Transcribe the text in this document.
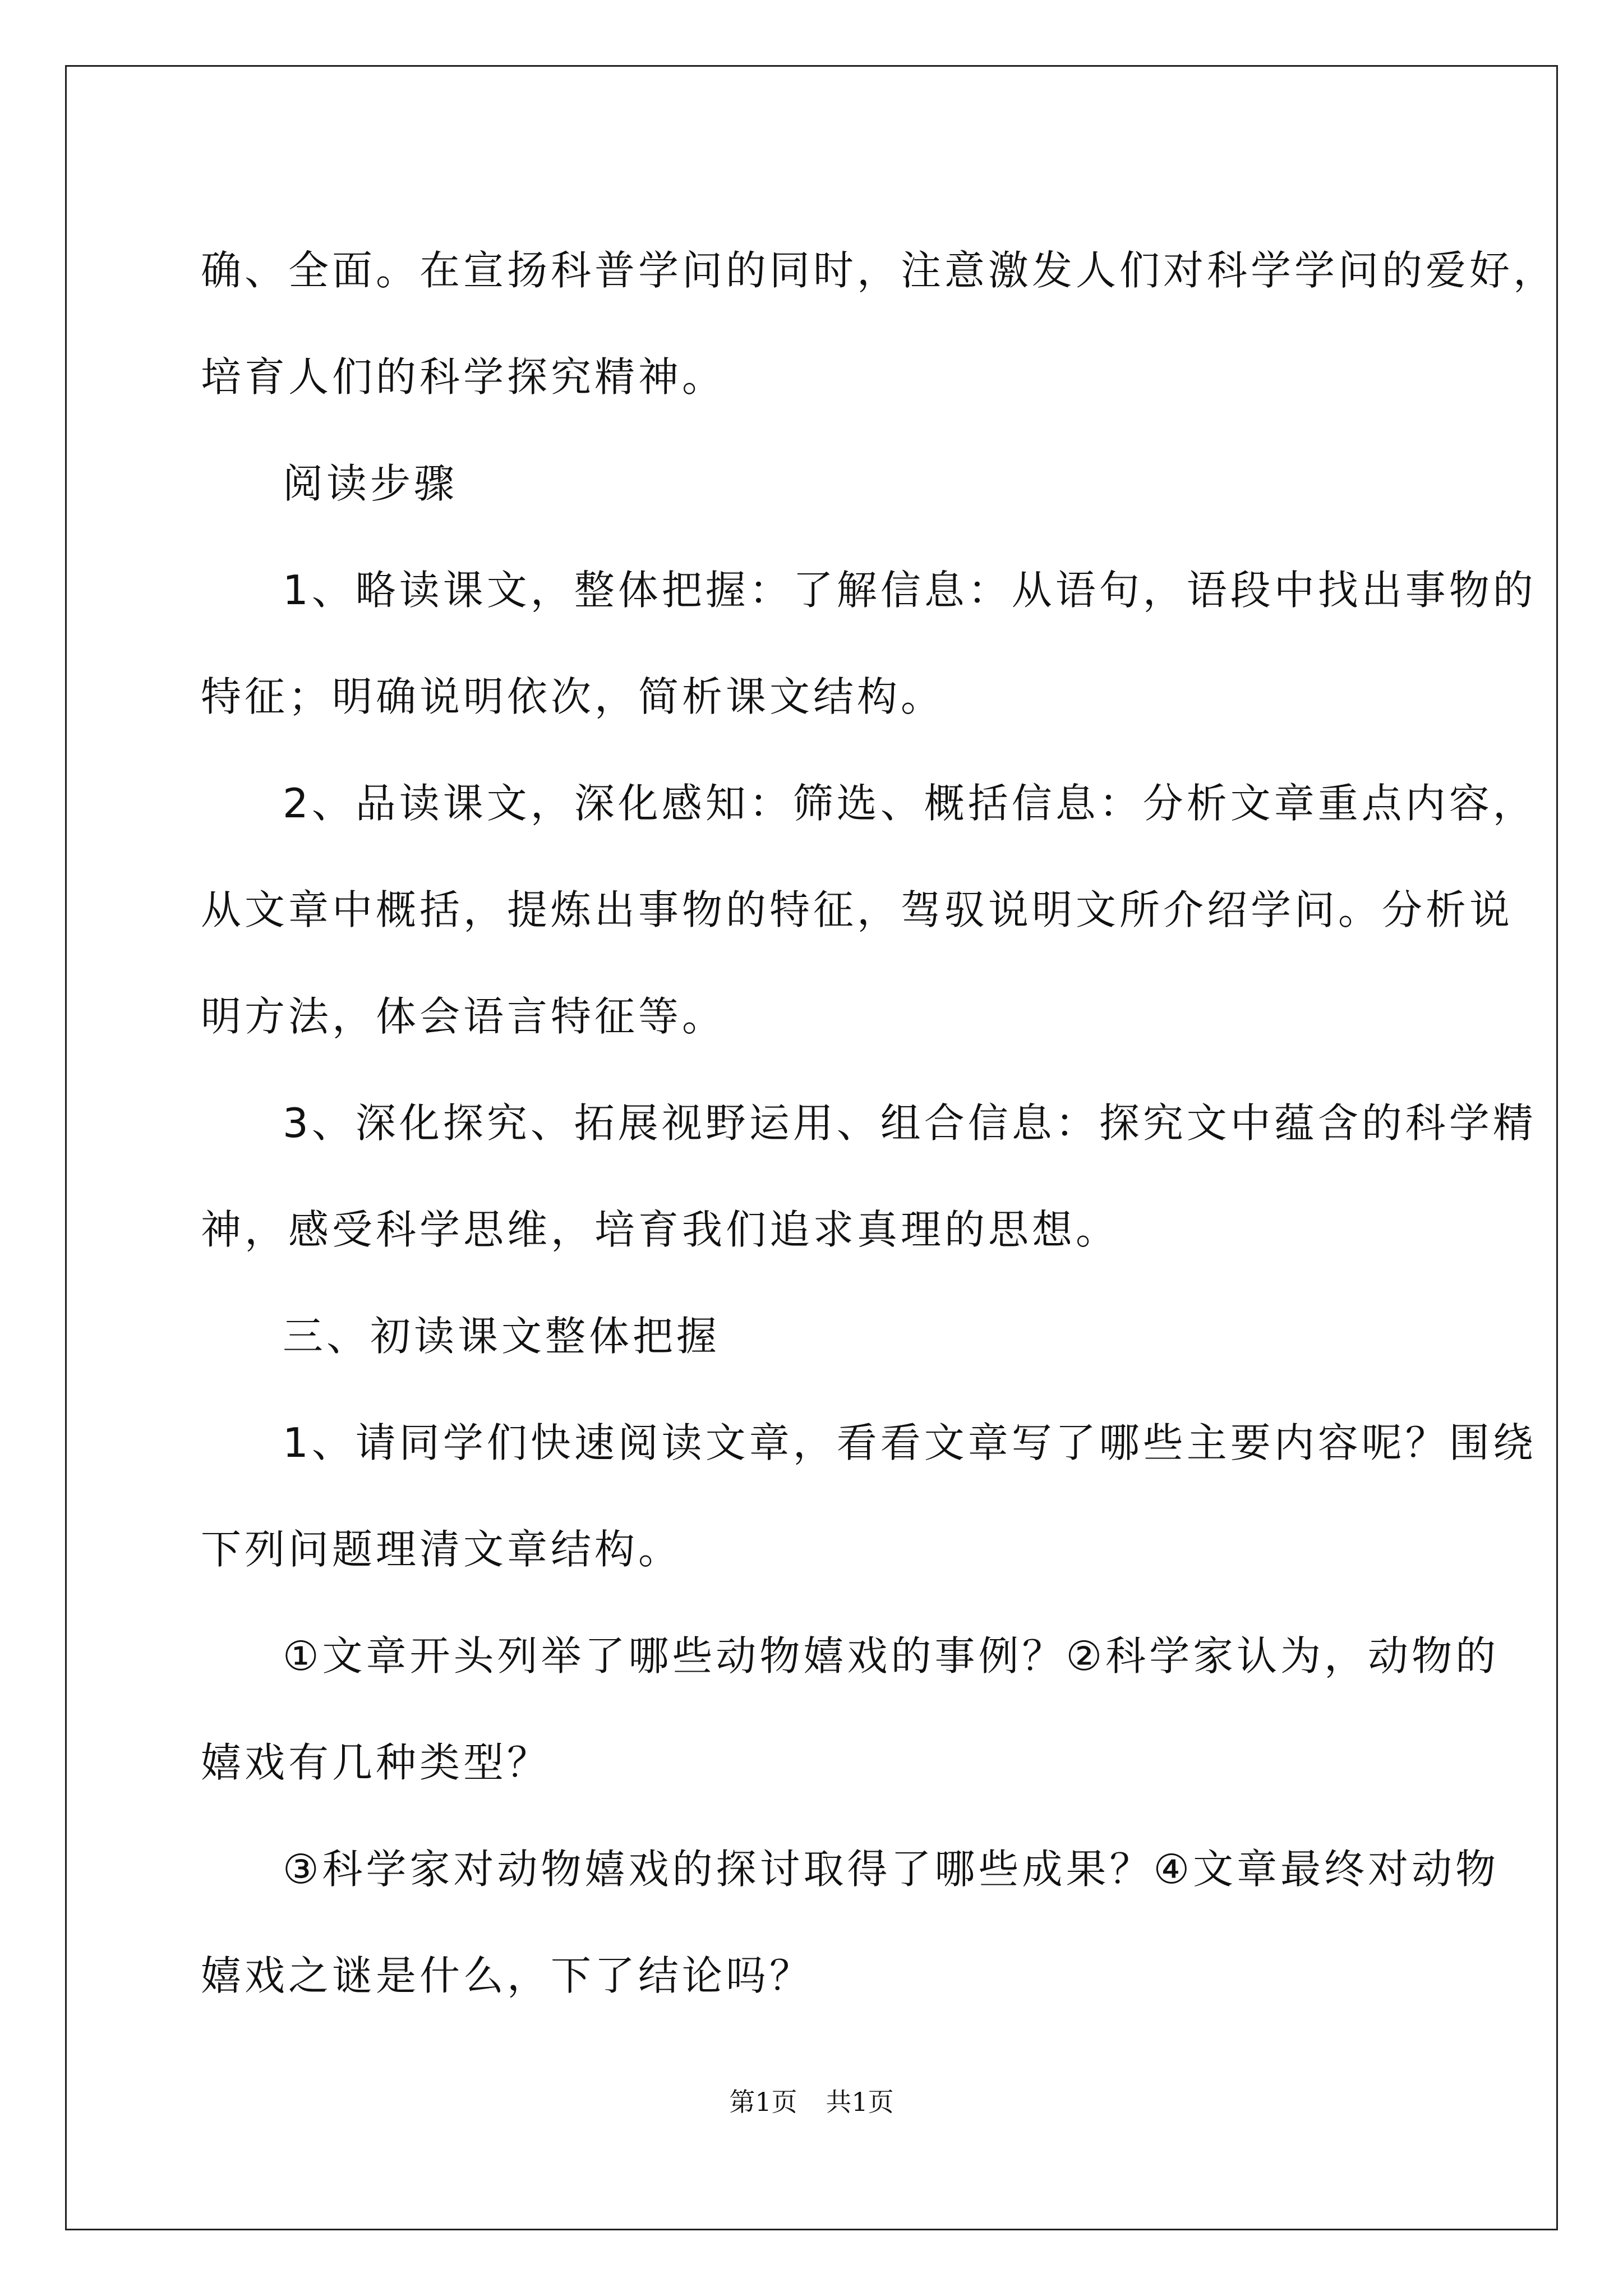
确、全面。在宣扬科普学问的同时，注意激发人们对科学学问的爱好，
培育人们的科学探究精神。
阅读步骤
1、略读课文，整体把握：了解信息：从语句，语段中找出事物的
特征；明确说明依次，简析课文结构。
2、品读课文，深化感知：筛选、概括信息：分析文章重点内容，
从文章中概括，提炼出事物的特征，驾驭说明文所介绍学问。分析说
明方法，体会语言特征等。
3、深化探究、拓展视野运用、组合信息：探究文中蕴含的科学精
神，感受科学思维，培育我们追求真理的思想。
三、初读课文整体把握
1、请同学们快速阅读文章，看看文章写了哪些主要内容呢？围绕
下列问题理清文章结构。
①文章开头列举了哪些动物嬉戏的事例？②科学家认为，动物的
嬉戏有几种类型？
③科学家对动物嬉戏的探讨取得了哪些成果？④文章最终对动物
嬉戏之谜是什么，下了结论吗？
第1页 共1页
